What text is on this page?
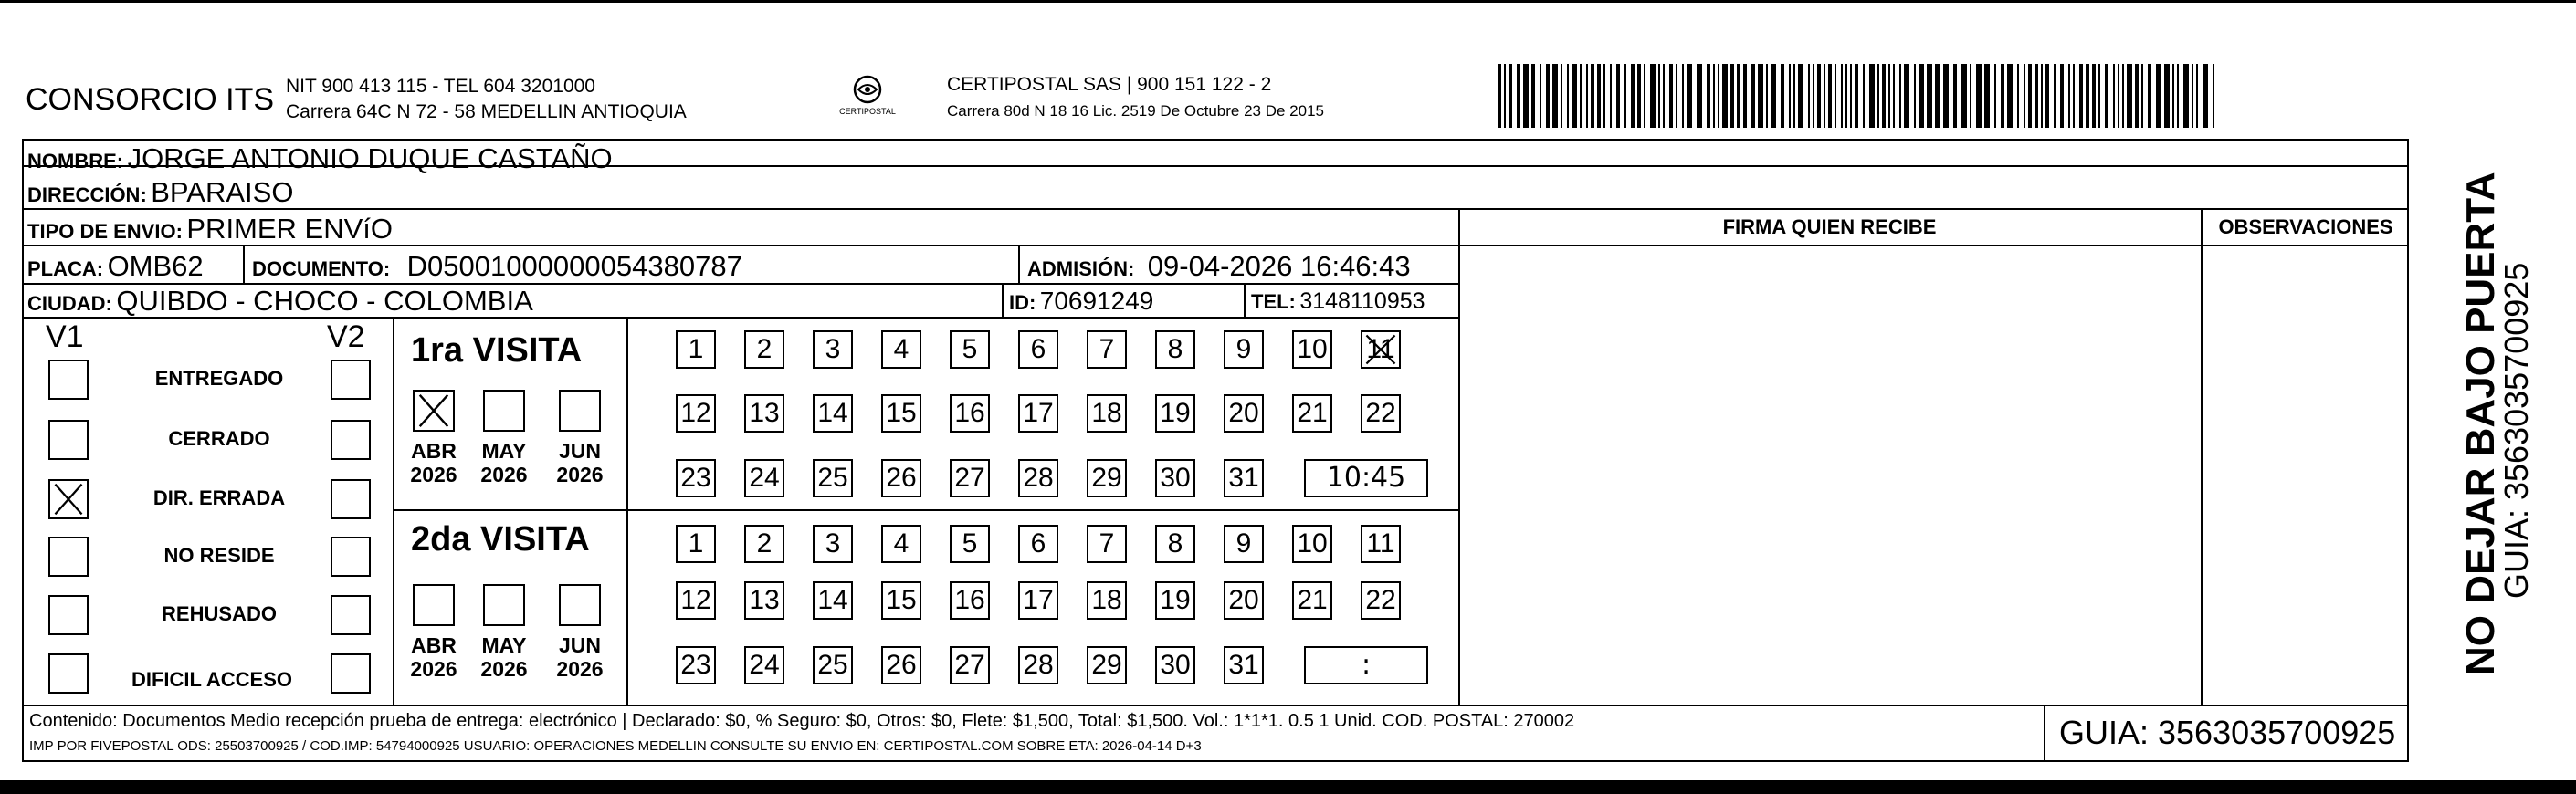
CONSORCIO ITS NIT 900 413 115 - TEL 604 3201000
Carrera 64C N 72 - 58 MEDELLIN ANTIOQUIA	CERTIPOSTAL
CERTIPOSTAL SAS | 900 151 122 - 2
Carrera 80d N 18 16 Lic. 2519 De Octubre 23 De 2015
NOMBRE: JORGE ANTONIO DUQUE CASTAÑO
DIRECCIÓN: BPARAISO
TIPO DE ENVIO: PRIMER ENVíO
PLACA: OMB62 DOCUMENTO: D05001000000054380787	ADMISIÓN: 09-04-2026 16:46:43
CIUDAD: QUIBDO - CHOCO - COLOMBIA	ID: 70691249	TEL: 3148110953
FIRMA QUIEN RECIBE	OBSERVACIONES
V1	V2
ENTREGADO
CERRADO
DIR. ERRADA
NO RESIDE
REHUSADO
DIFICIL ACCESO
1ra VISITA
ABR
2026
MAY
2026
JUN
2026
1	2	3	4	5	6	7	8	9	10 11
12 13 14 15 16 17 18 19 20 21 22
23 24 25 26 27 28 29 30 31	10:45
2da VISITA
ABR
2026
MAY
2026
JUN
2026
1	2	3	4	5	6	7	8	9	10 11
12 13 14 15 16 17 18 19 20 21 22
23 24 25 26 27 28 29 30 31	:
Contenido: Documentos Medio recepción prueba de entrega: electrónico | Declarado: $0, % Seguro: $0, Otros: $0, Flete: $1,500, Total: $1,500. Vol.: 1*1*1. 0.5 1 Unid. COD. POSTAL: 270002
IMP POR FIVEPOSTAL ODS: 25503700925 / COD.IMP: 54794000925 USUARIO: OPERACIONES MEDELLIN CONSULTE SU ENVIO EN: CERTIPOSTAL.COM SOBRE ETA: 2026-04-14 D+3	GUIA: 3563035700925
NO DEJAR BAJO PUERTA
GUIA: 3563035700925
